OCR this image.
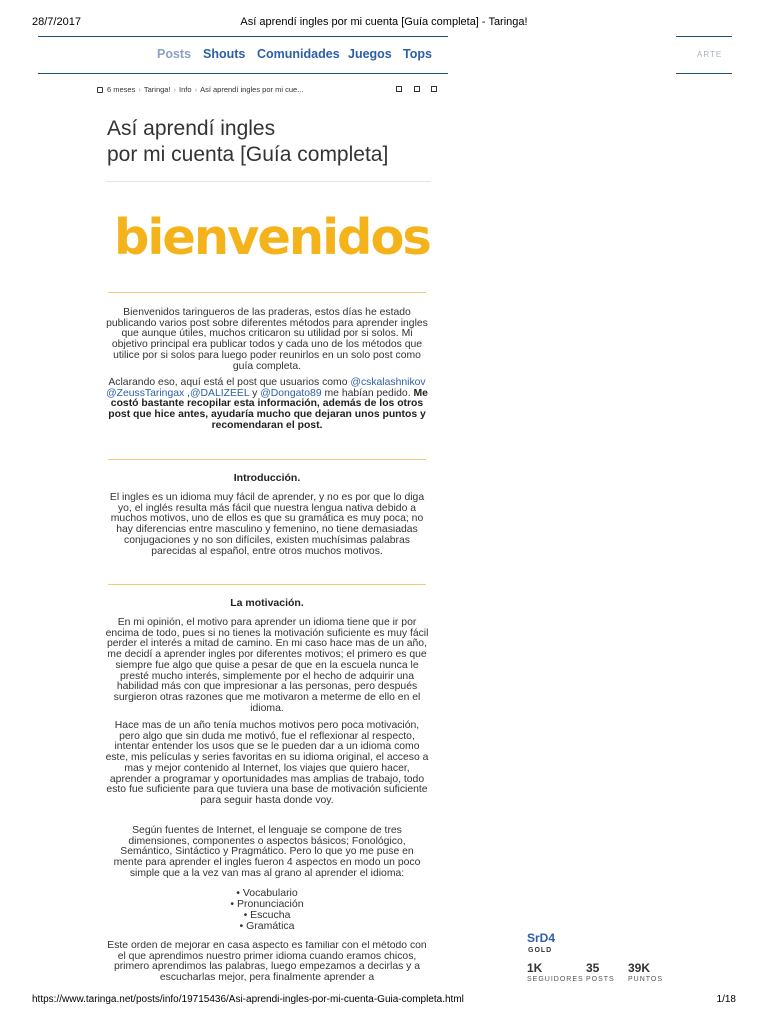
28/7/2017	Así aprendí ingles por mi cuenta [Guía completa] - Taringa!
Posts Shouts Comunidades Juegos Tops	ARTE
6 meses › Taringa! › Info › Así aprendí ingles por mi cue...
Así aprendí ingles
por mi cuenta [Guía completa]
bienvenidos

Bienvenidos taringueros de las praderas, estos días he estado publicando varios post sobre diferentes métodos para aprender ingles que aunque útiles, muchos criticaron su utilidad por si solos. Mi objetivo principal era publicar todos y cada uno de los métodos que utilice por si solos para luego poder reunirlos en un solo post como guía completa.

Aclarando eso, aquí está el post que usuarios como @cskalashnikov @ZeussTaringax ,@DALIZEEL y @Dongato89 me habían pedido. Me costó bastante recopilar esta información, además de los otros post que hice antes, ayudaría mucho que dejaran unos puntos y recomendaran el post.

Introducción.

El ingles es un idioma muy fácil de aprender, y no es por que lo diga yo, el inglés resulta más fácil que nuestra lengua nativa debido a muchos motivos, uno de ellos es que su gramática es muy poca; no hay diferencias entre masculino y femenino, no tiene demasiadas conjugaciones y no son difíciles, existen muchísimas palabras parecidas al español, entre otros muchos motivos.

La motivación.

En mi opinión, el motivo para aprender un idioma tiene que ir por encima de todo, pues si no tienes la motivación suficiente es muy fácil perder el interés a mitad de camino. En mi caso hace mas de un año, me decidí a aprender ingles por diferentes motivos; el primero es que siempre fue algo que quise a pesar de que en la escuela nunca le presté mucho interés, simplemente por el hecho de adquirir una habilidad más con que impresionar a las personas, pero después surgieron otras razones que me motivaron a meterme de ello en el idioma.

Hace mas de un año tenía muchos motivos pero poca motivación, pero algo que sin duda me motivó, fue el reflexionar al respecto, intentar entender los usos que se le pueden dar a un idioma como este, mis películas y series favoritas en su idioma original, el acceso a mas y mejor contenido al Internet, los viajes que quiero hacer, aprender a programar y oportunidades mas amplias de trabajo, todo esto fue suficiente para que tuviera una base de motivación suficiente para seguir hasta donde voy.

Según fuentes de Internet, el lenguaje se compone de tres dimensiones, componentes o aspectos básicos; Fonológico, Semántico, Sintáctico y Pragmático. Pero lo que yo me puse en mente para aprender el ingles fueron 4 aspectos en modo un poco simple que a la vez van mas al grano al aprender el idioma:

• Vocabulario
• Pronunciación
• Escucha
• Gramática

Este orden de mejorar en casa aspecto es familiar con el método con el que aprendimos nuestro primer idioma cuando eramos chicos, primero aprendimos las palabras, luego empezamos a decirlas y a escucharlas mejor, pera finalmente aprender a

SrD4
GOLD
1K
SEGUIDORES
35
POSTS
39K
PUNTOS
https://www.taringa.net/posts/info/19715436/Asi-aprendi-ingles-por-mi-cuenta-Guia-completa.html	1/18
